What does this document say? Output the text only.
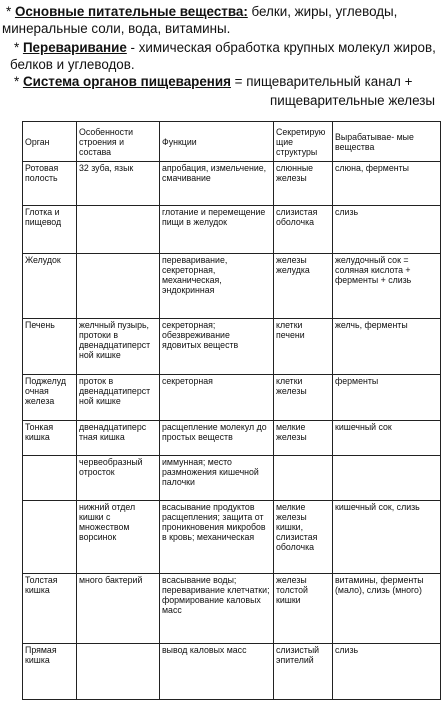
* Основные питательные вещества: белки, жиры, углеводы,
минеральные соли, вода, витамины.
* Переваривание - химическая обработка крупных молекул жиров,
белков и углеводов.
* Система органов пищеварения = пищеварительный канал +
пищеварительные железы
Орган	Особенности строения и состава	Функции	Секретирую щие структуры	Вырабатывае- мые вещества
Ротовая полость	32 зуба, язык	апробация, измельчение, смачивание	слюнные железы	слюна, ферменты
Глотка и пищевод		глотание и перемещение пищи в желудок	слизистая оболочка	слизь
Желудок		переваривание, секреторная, механическая, эндокринная	железы желудка	желудочный сок = соляная кислота + ферменты + слизь
Печень	желчный пузырь, протоки в двенадцатиперст ной кишке	секреторная; обезвреживание ядовитых веществ	клетки печени	желчь, ферменты
Поджелуд очная железа	проток в двенадцатиперст ной кишке	секреторная	клетки железы	ферменты
Тонкая кишка	двенадцатиперс тная кишка	расщепление молекул до простых веществ	мелкие железы	кишечный сок
	червеобразный отросток	иммунная; место размножения кишечной палочки		
	нижний отдел кишки с множеством ворсинок	всасывание продуктов расщепления; защита от проникновения микробов в кровь; механическая	мелкие железы кишки, слизистая оболочка	кишечный сок, слизь
Толстая кишка	много бактерий	всасывание воды; переваривание клетчатки; формирование каловых масс	железы толстой кишки	витамины, ферменты (мало), слизь (много)
Прямая кишка		вывод каловых масс	слизистый эпителий	слизь
